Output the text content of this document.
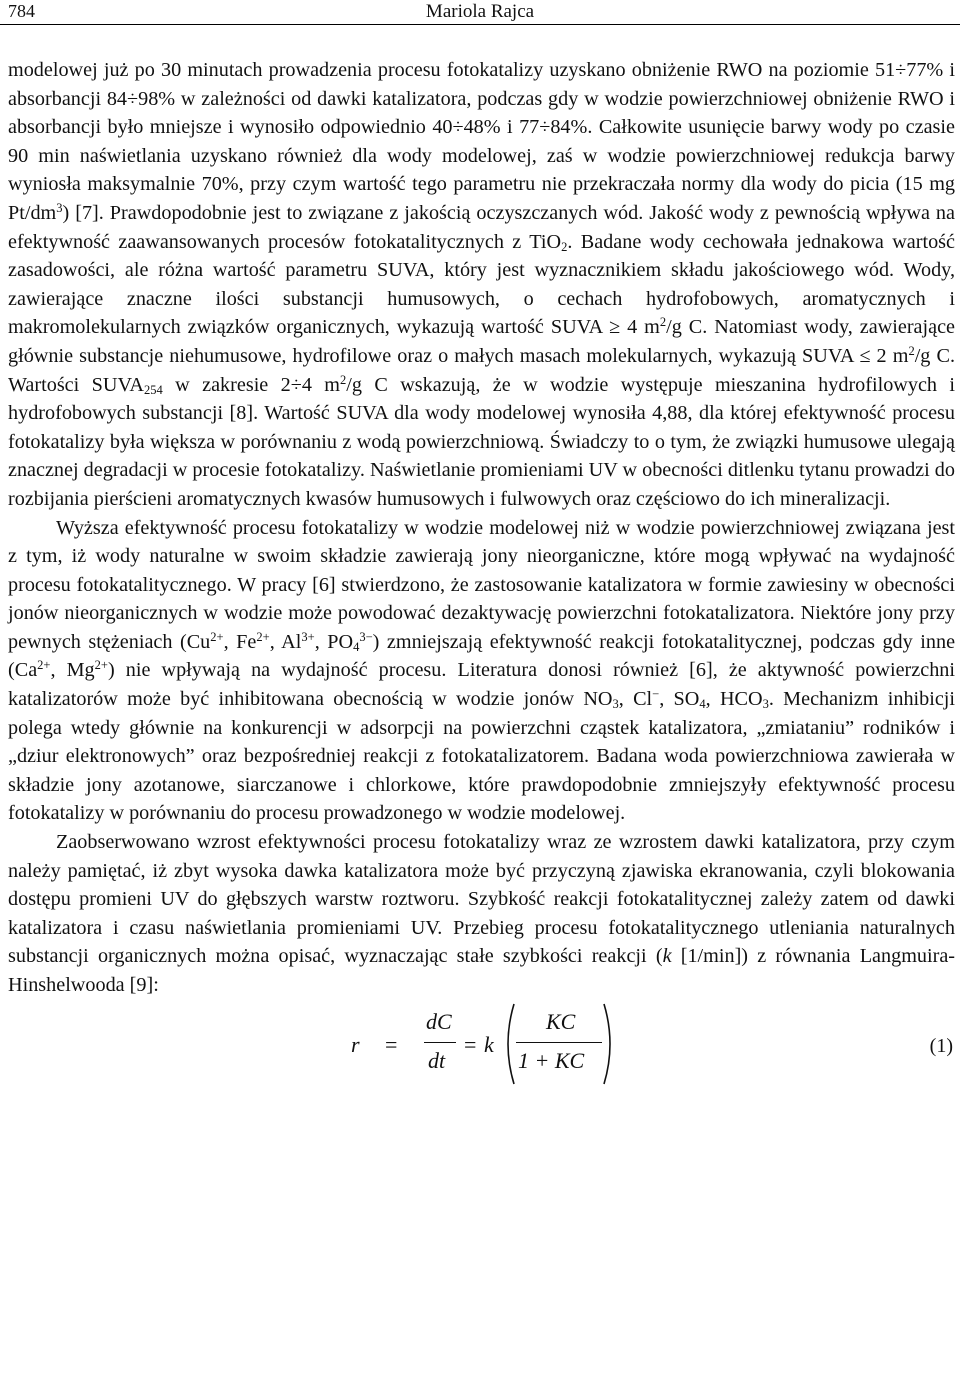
784	Mariola Rajca

modelowej już po 30 minutach prowadzenia procesu fotokatalizy uzyskano obniżenie RWO na poziomie 51÷77% i absorbancji 84÷98% w zależności od dawki katalizatora, podczas gdy w wodzie powierzchniowej obniżenie RWO i absorbancji było mniejsze i wynosiło odpowiednio 40÷48% i 77÷84%. Całkowite usunięcie barwy wody po czasie 90 min naświetlania uzyskano również dla wody modelowej, zaś w wodzie powierzchniowej redukcja barwy wyniosła maksymalnie 70%, przy czym wartość tego parametru nie przekraczała normy dla wody do picia (15 mg $Pt/dm^3$) [7]. Prawdopodobnie jest to związane z jakością oczyszczanych wód. Jakość wody z pewnością wpływa na efektywność zaawansowanych procesów fotokatalitycznych z TiO$_2$. Badane wody cechowała jednakowa wartość zasadowości, ale różna wartość parametru SUVA, który jest wyznacznikiem składu jakościowego wód. Wody, zawierające znaczne ilości substancji humusowych, o cechach hydrofobowych, aromatycznych i makromolekularnych związków organicznych, wykazują wartość SUVA ≥ 4 $m^2/g$ C. Natomiast wody, zawierające głównie substancje niehumusowe, hydrofilowe oraz o małych masach molekularnych, wykazują SUVA ≤ 2 $m^2/g$ C. Wartości $SUVA_{254}$ w zakresie 2÷4 $m^2/g$ C wskazują, że w wodzie występuje mieszanina hydrofilowych i hydrofobowych substancji [8]. Wartość SUVA dla wody modelowej wynosiła 4,88, dla której efektywność procesu fotokatalizy była większa w porównaniu z wodą powierzchniową. Świadczy to o tym, że związki humusowe ulegają znacznej degradacji w procesie fotokatalizy. Naświetlanie promieniami UV w obecności ditlenku tytanu prowadzi do rozbijania pierścieni aromatycznych kwasów humusowych i fulwowych oraz częściowo do ich mineralizacji.

Wyższa efektywność procesu fotokatalizy w wodzie modelowej niż w wodzie powierzchniowej związana jest z tym, iż wody naturalne w swoim składzie zawierają jony nieorganiczne, które mogą wpływać na wydajność procesu fotokatalitycznego. W pracy [6] stwierdzono, że zastosowanie katalizatora w formie zawiesiny w obecności jonów nieorganicznych w wodzie może powodować dezaktywację powierzchni fotokatalizatora. Niektóre jony przy pewnych stężeniach ($Cu^{2+}$, $Fe^{2+}$, $Al^{3+}$, $PO_4^{3-}$) zmniejszają efektywność reakcji fotokatalitycznej, podczas gdy inne ($Ca^{2+}$, $Mg^{2+}$) nie wpływają na wydajność procesu. Literatura donosi również [6], że aktywność powierzchni katalizatorów może być inhibitowana obecnością w wodzie jonów $NO_3$, Cl−, $SO_4$, $HCO_3$. Mechanizm inhibicji polega wtedy głównie na konkurencji w adsorpcji na powierzchni cząstek katalizatora, „zmiataniu” rodników i „dziur elektronowych” oraz bezpośredniej reakcji z fotokatalizatorem. Badana woda powierzchniowa zawierała w składzie jony azotanowe, siarczanowe i chlorkowe, które prawdopodobnie zmniejszyły efektywność procesu fotokatalizy w porównaniu do procesu prowadzonego w wodzie modelowej.

Zaobserwowano wzrost efektywności procesu fotokatalizy wraz ze wzrostem dawki katalizatora, przy czym należy pamiętać, iż zbyt wysoka dawka katalizatora może być przyczyną zjawiska ekranowania, czyli blokowania dostępu promieni UV do głębszych warstw roztworu. Szybkość reakcji fotokatalitycznej zależy zatem od dawki katalizatora i czasu naświetlania promieniami UV. Przebieg procesu fotokatalitycznego utleniania naturalnych substancji organicznych można opisać, wyznaczając stałe szybkości reakcji (k [1/min]) z równania Langmuira-Hinshelwooda [9]:

r =
dC
dt
= k
KC
1 + KC
(1)
